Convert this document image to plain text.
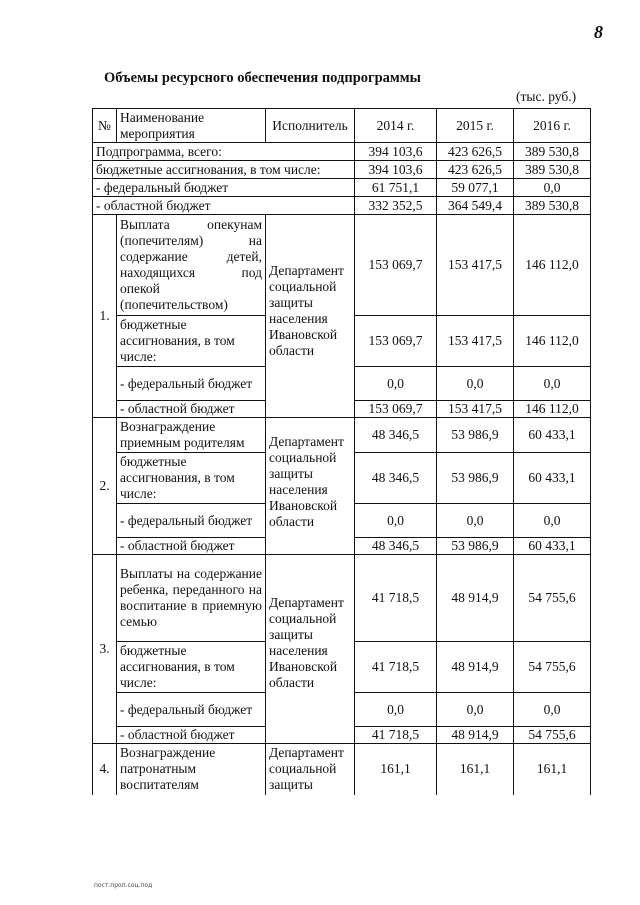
8
Объемы ресурсного обеспечения подпрограммы
(тыс. руб.)
№	Наименование мероприятия	Исполнитель	2014 г.	2015 г.	2016 г.
Подпрограмма, всего:			394 103,6	423 626,5	389 530,8
бюджетные ассигнования, в том числе:			394 103,6	423 626,5	389 530,8
- федеральный бюджет			61 751,1	59 077,1	0,0
- областной бюджет			332 352,5	364 549,4	389 530,8
1.	Выплата опекунам (попечителям) на содержание детей, находящихся под опекой (попечительством)	Департамент социальной защиты населения Ивановской области	153 069,7	153 417,5	146 112,0
	бюджетные ассигнования, в том числе:		153 069,7	153 417,5	146 112,0
	- федеральный бюджет		0,0	0,0	0,0
	- областной бюджет		153 069,7	153 417,5	146 112,0
2.	Вознаграждение приемным родителям	Департамент социальной защиты населения Ивановской области	48 346,5	53 986,9	60 433,1
	бюджетные ассигнования, в том числе:		48 346,5	53 986,9	60 433,1
	- федеральный бюджет		0,0	0,0	0,0
	- областной бюджет		48 346,5	53 986,9	60 433,1
3.	Выплаты на содержание ребенка, переданного на воспитание в приемную семью	Департамент социальной защиты населения Ивановской области	41 718,5	48 914,9	54 755,6
	бюджетные ассигнования, в том числе:		41 718,5	48 914,9	54 755,6
	- федеральный бюджет		0,0	0,0	0,0
	- областной бюджет		41 718,5	48 914,9	54 755,6
4.	Вознаграждение патронатным воспитателям	Департамент социальной защиты	161,1	161,1	161,1
пост.проп.соц.под
